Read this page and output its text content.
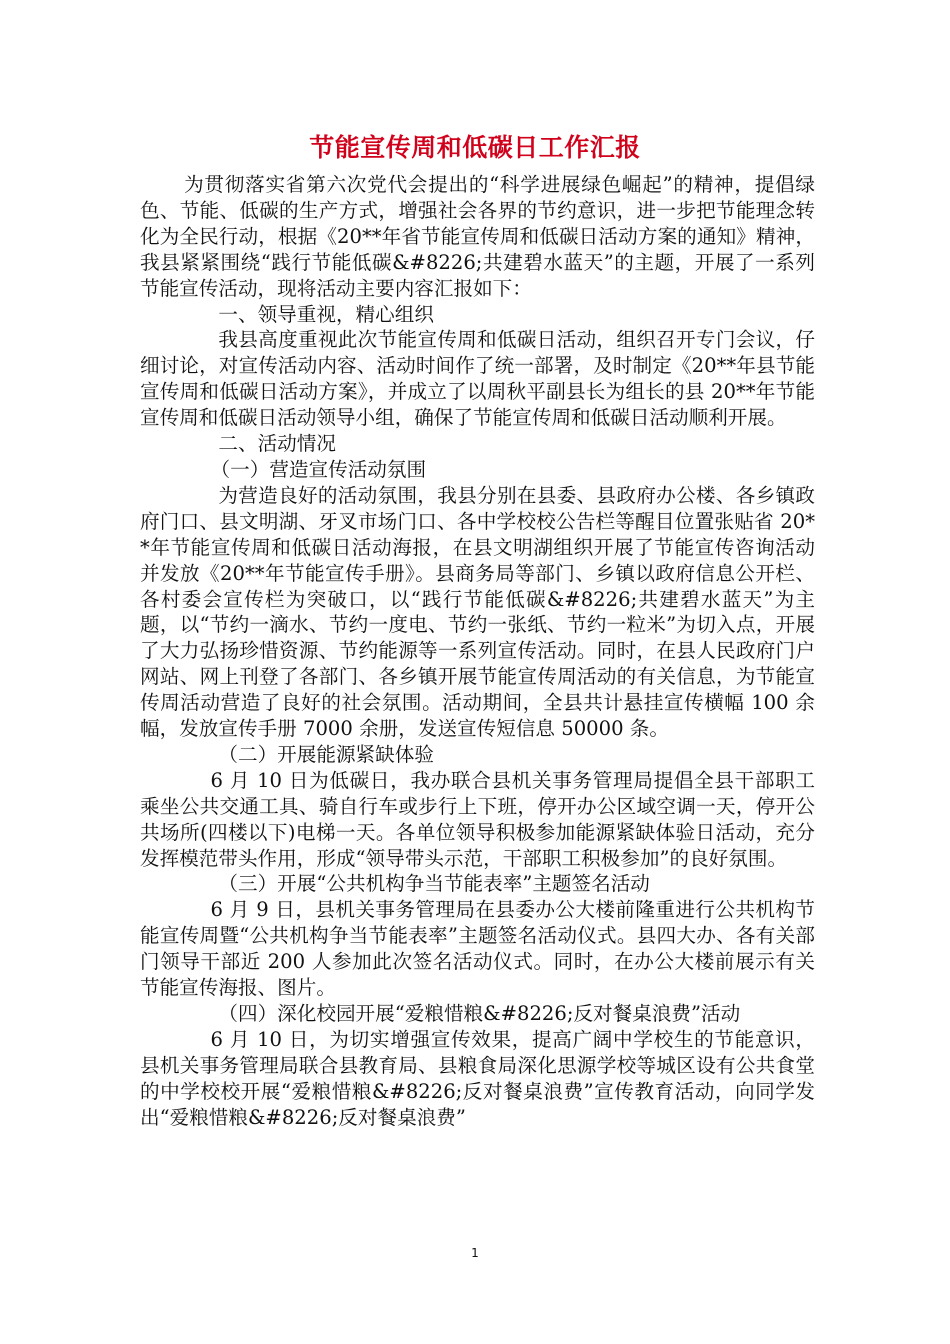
节能宣传周和低碳日工作汇报

为贯彻落实省第六次党代会提出的“科学进展绿色崛起”的精神，提倡绿色、节能、低碳的生产方式，增强社会各界的节约意识，进一步把节能理念转化为全民行动，根据《20**年省节能宣传周和低碳日活动方案的通知》精神，我县紧紧围绕“践行节能低碳&#8226;共建碧水蓝天”的主题，开展了一系列节能宣传活动，现将活动主要内容汇报如下：

一、领导重视，精心组织

我县高度重视此次节能宣传周和低碳日活动，组织召开专门会议，仔细讨论，对宣传活动内容、活动时间作了统一部署，及时制定《20**年县节能宣传周和低碳日活动方案》，并成立了以周秋平副县长为组长的县 20**年节能宣传周和低碳日活动领导小组，确保了节能宣传周和低碳日活动顺利开展。

二、活动情况

（一）营造宣传活动氛围

为营造良好的活动氛围，我县分别在县委、县政府办公楼、各乡镇政府门口、县文明湖、牙叉市场门口、各中学校校公告栏等醒目位置张贴省 20**年节能宣传周和低碳日活动海报，在县文明湖组织开展了节能宣传咨询活动并发放《20**年节能宣传手册》。县商务局等部门、乡镇以政府信息公开栏、各村委会宣传栏为突破口，以“践行节能低碳&#8226;共建碧水蓝天”为主题，以“节约一滴水、节约一度电、节约一张纸、节约一粒米”为切入点，开展了大力弘扬珍惜资源、节约能源等一系列宣传活动。同时，在县人民政府门户网站、网上刊登了各部门、各乡镇开展节能宣传周活动的有关信息，为节能宣传周活动营造了良好的社会氛围。活动期间，全县共计悬挂宣传横幅 100 余幅，发放宣传手册 7000 余册，发送宣传短信息 50000 条。

（二）开展能源紧缺体验

6 月 10 日为低碳日，我办联合县机关事务管理局提倡全县干部职工乘坐公共交通工具、骑自行车或步行上下班，停开办公区域空调一天，停开公共场所(四楼以下)电梯一天。各单位领导积极参加能源紧缺体验日活动，充分发挥模范带头作用，形成“领导带头示范，干部职工积极参加”的良好氛围。

（三）开展“公共机构争当节能表率”主题签名活动

6 月 9 日，县机关事务管理局在县委办公大楼前隆重进行公共机构节能宣传周暨“公共机构争当节能表率”主题签名活动仪式。县四大办、各有关部门领导干部近 200 人参加此次签名活动仪式。同时，在办公大楼前展示有关节能宣传海报、图片。

（四）深化校园开展“爱粮惜粮&#8226;反对餐桌浪费”活动

6 月 10 日，为切实增强宣传效果，提高广阔中学校生的节能意识，县机关事务管理局联合县教育局、县粮食局深化思源学校等城区设有公共食堂的中学校校开展“爱粮惜粮&#8226;反对餐桌浪费”宣传教育活动，向同学发出“爱粮惜粮&#8226;反对餐桌浪费”

1
